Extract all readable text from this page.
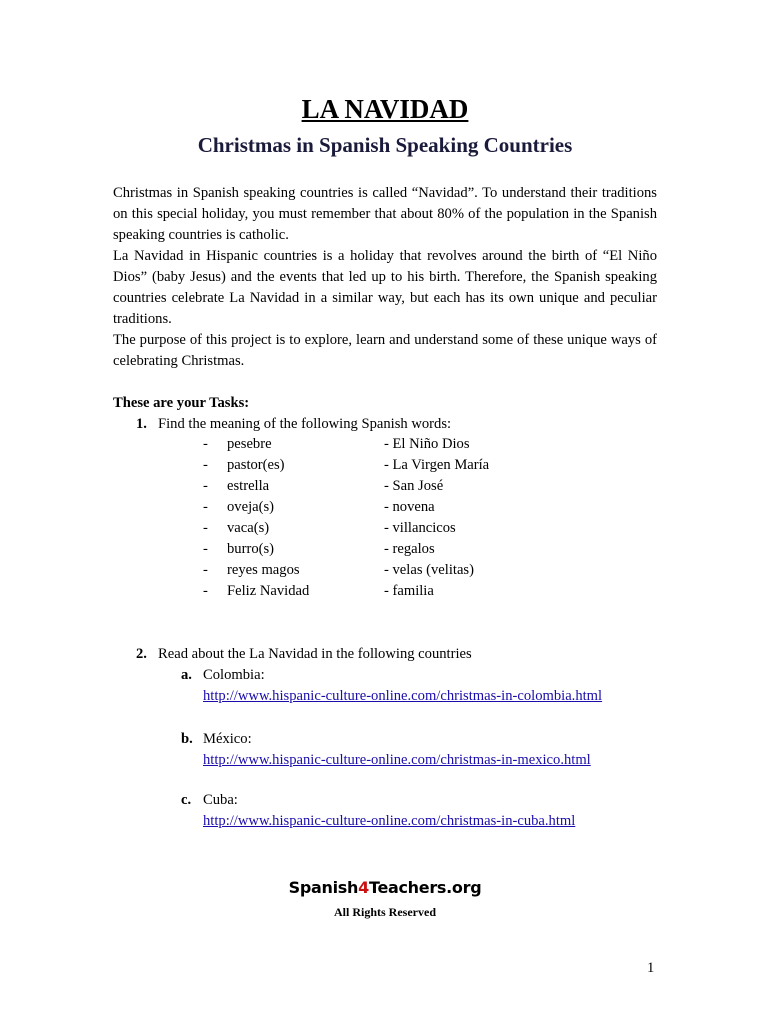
LA NAVIDAD
Christmas in Spanish Speaking Countries
Christmas in Spanish speaking countries is called “Navidad”. To understand their traditions on this special holiday, you must remember that about 80% of the population in the Spanish speaking countries is catholic.
La Navidad in Hispanic countries is a holiday that revolves around the birth of “El Niño Dios” (baby Jesus) and the events that led up to his birth. Therefore, the Spanish speaking countries celebrate La Navidad in a similar way, but each has its own unique and peculiar traditions.
The purpose of this project is to explore, learn and understand some of these unique ways of celebrating Christmas.
These are your Tasks:
1. Find the meaning of the following Spanish words:
- pesebre	- El Niño Dios
- pastor(es)	- La Virgen María
- estrella	- San José
- oveja(s)	- novena
- vaca(s)	- villancicos
- burro(s)	- regalos
- reyes magos	- velas (velitas)
- Feliz Navidad	- familia
2. Read about the La Navidad in the following countries
a. Colombia:
http://www.hispanic-culture-online.com/christmas-in-colombia.html
b. México:
http://www.hispanic-culture-online.com/christmas-in-mexico.html
c. Cuba:
http://www.hispanic-culture-online.com/christmas-in-cuba.html
Spanish4Teachers.org
All Rights Reserved
1
